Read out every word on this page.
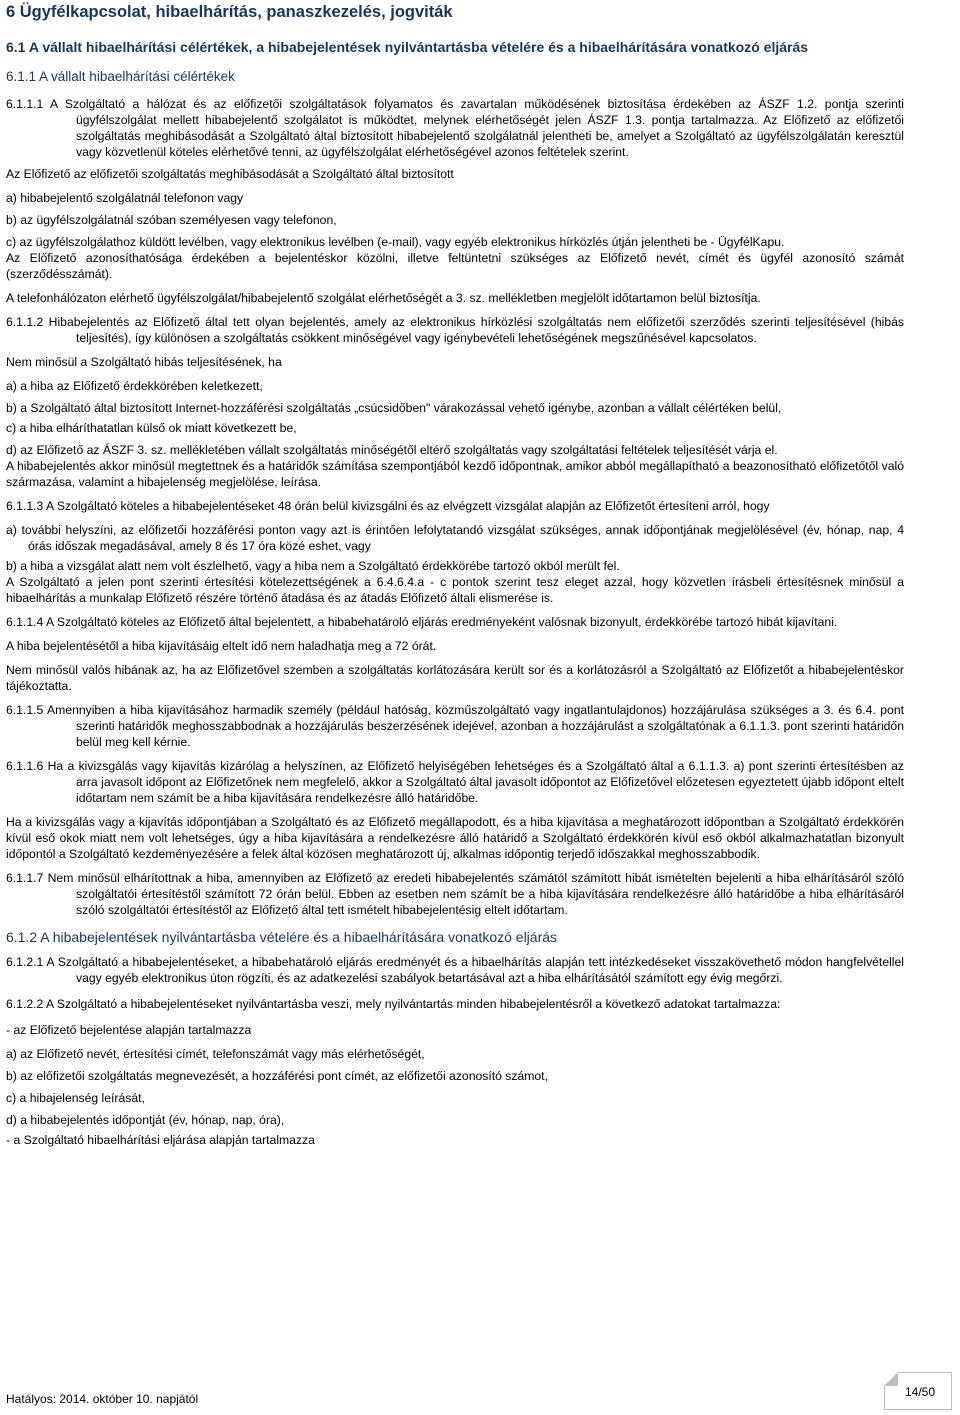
6 Ügyfélkapcsolat, hibaelhárítás, panaszkezelés, jogviták
6.1 A vállalt hibaelhárítási célértékek, a hibabejelentések nyilvántartásba vételére és a hibaelhárítására vonatkozó eljárás
6.1.1 A vállalt hibaelhárítási célértékek

6.1.1.1 A Szolgáltató a hálózat és az előfizetői szolgáltatások folyamatos és zavartalan működésének biztosítása érdekében az ÁSZF 1.2. pontja szerinti ügyfélszolgálat mellett hibabejelentő szolgálatot is működtet, melynek elérhetőségét jelen ÁSZF 1.3. pontja tartalmazza. Az Előfizető az előfizetői szolgáltatás meghibásodását a Szolgáltató által biztosított hibabejelentő szolgálatnál jelentheti be, amelyet a Szolgáltató az ügyfélszolgálatán keresztül vagy közvetlenül köteles elérhetővé tenni, az ügyfélszolgálat elérhetőségével azonos feltételek szerint.

Az Előfizető az előfizetői szolgáltatás meghibásodását a Szolgáltató által biztosított

a) hibabejelentő szolgálatnál telefonon vagy

b) az ügyfélszolgálatnál szóban személyesen vagy telefonon,

c) az ügyfélszolgálathoz küldött levélben, vagy elektronikus levélben (e-mail), vagy egyéb elektronikus hírközlés útján jelentheti be - ÜgyfélKapu.

Az Előfizető azonosíthatósága érdekében a bejelentéskor közölni, illetve feltüntetni szükséges az Előfizető nevét, címét és ügyfél azonosító számát (szerződésszámát).

A telefonhálózaton elérhető ügyfélszolgálat/hibabejelentő szolgálat elérhetőségét a 3. sz. mellékletben megjelölt időtartamon belül biztosítja.

6.1.1.2 Hibabejelentés az Előfizető által tett olyan bejelentés, amely az elektronikus hírközlési szolgáltatás nem előfizetői szerződés szerinti teljesítésével (hibás teljesítés), így különösen a szolgáltatás csökkent minőségével vagy igénybevételi lehetőségének megszűnésével kapcsolatos.

Nem minősül a Szolgáltató hibás teljesítésének, ha

a) a hiba az Előfizető érdekkörében keletkezett,

b) a Szolgáltató által biztosított Internet-hozzáférési szolgáltatás „csúcsidőben" várakozással vehető igénybe, azonban a vállalt célértéken belül,

c) a hiba elháríthatatlan külső ok miatt következett be,

d) az Előfizető az ÁSZF 3. sz. mellékletében vállalt szolgáltatás minőségétől eltérő szolgáltatás vagy szolgáltatási feltételek teljesítését várja el.

A hibabejelentés akkor minősül megtettnek és a határidők számítása szempontjából kezdő időpontnak, amikor abból megállapítható a beazonosítható előfizetőtől való származása, valamint a hibajelenség megjelölése, leírása.

6.1.1.3 A Szolgáltató köteles a hibabejelentéseket 48 órán belül kivizsgálni és az elvégzett vizsgálat alapján az Előfizetőt értesíteni arról, hogy

a) további helyszíni, az előfizetői hozzáférési ponton vagy azt is érintően lefolytatandó vizsgálat szükséges, annak időpontjának megjelölésével (év, hónap, nap, 4 órás időszak megadásával, amely 8 és 17 óra közé eshet, vagy

b) a hiba a vizsgálat alatt nem volt észlelhető, vagy a hiba nem a Szolgáltató érdekkörébe tartozó okból merült fel.

A Szolgáltató a jelen pont szerinti értesítési kötelezettségének a 6.4.6.4.a - c pontok szerint tesz eleget azzal, hogy közvetlen írásbeli értesítésnek minősül a hibaelhárítás a munkalap Előfizető részére történő átadása és az átadás Előfizető általi elismerése is.

6.1.1.4 A Szolgáltató köteles az Előfizető által bejelentett, a hibabehatároló eljárás eredményeként valósnak bizonyult, érdekkörébe tartozó hibát kijavítani.

A hiba bejelentésétől a hiba kijavításáig eltelt idő nem haladhatja meg a 72 órát.

Nem minősül valós hibának az, ha az Előfizetővel szemben a szolgáltatás korlátozására került sor és a korlátozásról a Szolgáltató az Előfizetőt a hibabejelentéskor tájékoztatta.

6.1.1.5 Amennyiben a hiba kijavításához harmadik személy (például hatóság, közműszolgáltató vagy ingatlantulajdonos) hozzájárulása szükséges a 3. és 6.4. pont szerinti határidők meghosszabbodnak a hozzájárulás beszerzésének idejével, azonban a hozzájárulást a szolgáltatónak a 6.1.1.3. pont szerinti határidőn belül meg kell kérnie.

6.1.1.6 Ha a kivizsgálás vagy kijavítás kizárólag a helyszínen, az Előfizető helyiségében lehetséges és a Szolgáltató által a 6.1.1.3. a) pont szerinti értesítésben az arra javasolt időpont az Előfizetőnek nem megfelelő, akkor a Szolgáltató által javasolt időpontot az Előfizetővel előzetesen egyeztetett újabb időpont eltelt időtartam nem számít be a hiba kijavítására rendelkezésre álló határidőbe.

Ha a kivizsgálás vagy a kijavítás időpontjában a Szolgáltató és az Előfizető megállapodott, és a hiba kijavítása a meghatározott időpontban a Szolgáltató érdekkörén kívül eső okok miatt nem volt lehetséges, úgy a hiba kijavítására a rendelkezésre álló határidő a Szolgáltató érdekkörén kívül eső okból alkalmazhatatlan bizonyult időpontól a Szolgáltató kezdeményezésére a felek által közösen meghatározott új, alkalmas időpontig terjedő időszakkal meghosszabbodik.

6.1.1.7 Nem minősül elhárítottnak a hiba, amennyiben az Előfizető az eredeti hibabejelentés számától számított hibát ismételten bejelenti a hiba elhárításáról szóló szolgáltatói értesítéstől számított 72 órán belül. Ebben az esetben nem számít be a hiba kijavítására rendelkezésre álló határidőbe a hiba elhárításáról szóló szolgáltatói értesítéstől az Előfizető által tett ismételt hibabejelentésig eltelt időtartam.

6.1.2 A hibabejelentések nyilvántartásba vételére és a hibaelhárítására vonatkozó eljárás

6.1.2.1 A Szolgáltató a hibabejelentéseket, a hibabehatároló eljárás eredményét és a hibaelhárítás alapján tett intézkedéseket visszakövethető módon hangfelvétellel vagy egyéb elektronikus úton rögzíti, és az adatkezelési szabályok betartásával azt a hiba elhárításától számított egy évig megőrzi.

6.1.2.2 A Szolgáltató a hibabejelentéseket nyilvántartásba veszi, mely nyilvántartás minden hibabejelentésről a következő adatokat tartalmazza:

- az Előfizető bejelentése alapján tartalmazza

a) az Előfizető nevét, értesítési címét, telefonszámát vagy más elérhetőségét,

b) az előfizetői szolgáltatás megnevezését, a hozzáférési pont címét, az előfizetői azonosító számot,

c) a hibajelenség leírását,

d) a hibabejelentés időpontját (év, hónap, nap, óra),

- a Szolgáltató hibaelhárítási eljárása alapján tartalmazza

Hatályos: 2014. október 10. napjától	14/50
